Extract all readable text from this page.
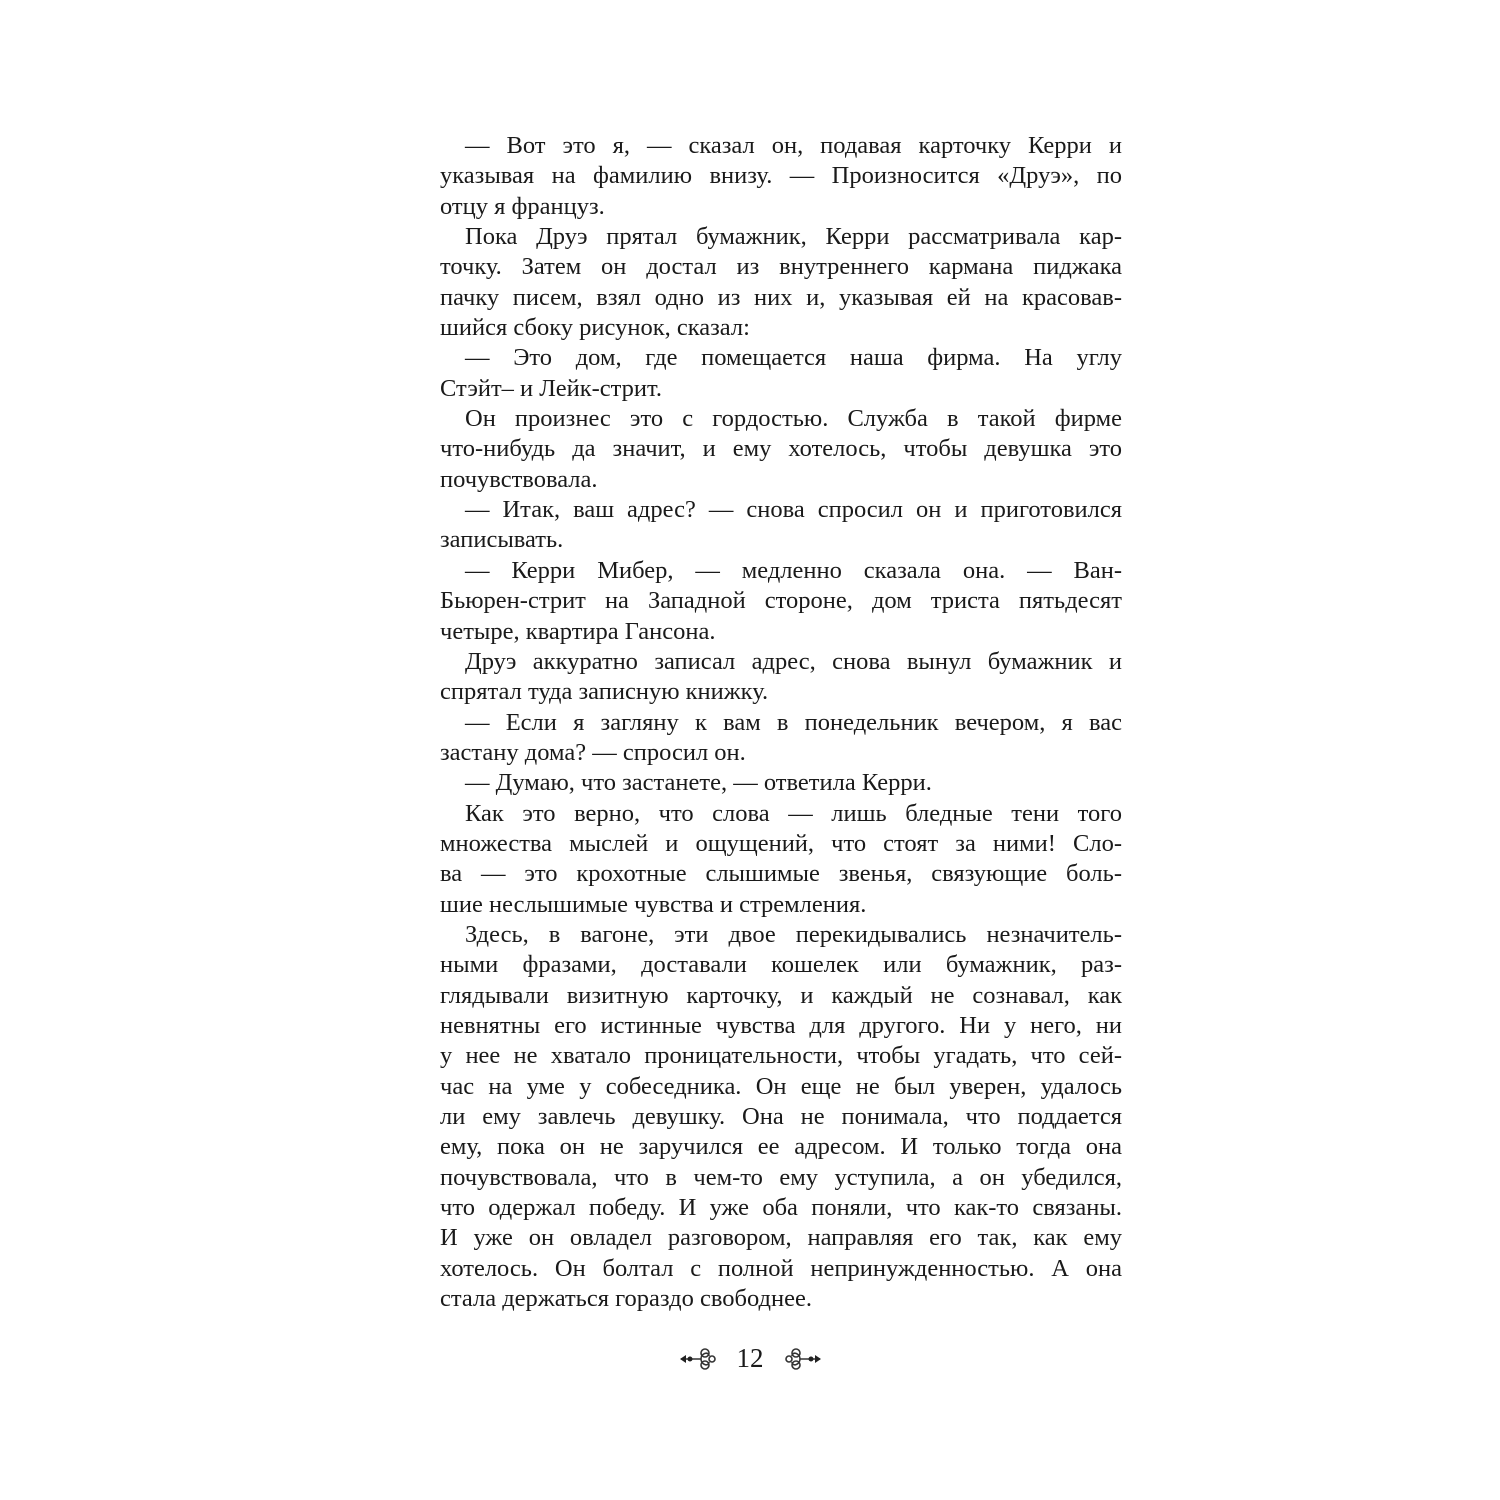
— Вот это я, — сказал он, подавая карточку Керри и
указывая на фамилию внизу. — Произносится «Друэ», по
отцу я француз.
Пока Друэ прятал бумажник, Керри рассматривала кар-
точку. Затем он достал из внутреннего кармана пиджака
пачку писем, взял одно из них и, указывая ей на красовав-
шийся сбоку рисунок, сказал:
— Это дом, где помещается наша фирма. На углу
Стэйт– и Лейк-стрит.
Он произнес это с гордостью. Служба в такой фирме
что-нибудь да значит, и ему хотелось, чтобы девушка это
почувствовала.
— Итак, ваш адрес? — снова спросил он и приготовился
записывать.
— Керри Мибер, — медленно сказала она. — Ван-
Бьюрен-стрит на Западной стороне, дом триста пятьдесят
четыре, квартира Гансона.
Друэ аккуратно записал адрес, снова вынул бумажник и
спрятал туда записную книжку.
— Если я загляну к вам в понедельник вечером, я вас
застану дома? — спросил он.
— Думаю, что застанете, — ответила Керри.
Как это верно, что слова — лишь бледные тени того
множества мыслей и ощущений, что стоят за ними! Сло-
ва — это крохотные слышимые звенья, связующие боль-
шие неслышимые чувства и стремления.
Здесь, в вагоне, эти двое перекидывались незначитель-
ными фразами, доставали кошелек или бумажник, раз-
глядывали визитную карточку, и каждый не сознавал, как
невнятны его истинные чувства для другого. Ни у него, ни
у нее не хватало проницательности, чтобы угадать, что сей-
час на уме у собеседника. Он еще не был уверен, удалось
ли ему завлечь девушку. Она не понимала, что поддается
ему, пока он не заручился ее адресом. И только тогда она
почувствовала, что в чем-то ему уступила, а он убедился,
что одержал победу. И уже оба поняли, что как-то связаны.
И уже он овладел разговором, направляя его так, как ему
хотелось. Он болтал с полной непринужденностью. А она
стала держаться гораздо свободнее.
12
